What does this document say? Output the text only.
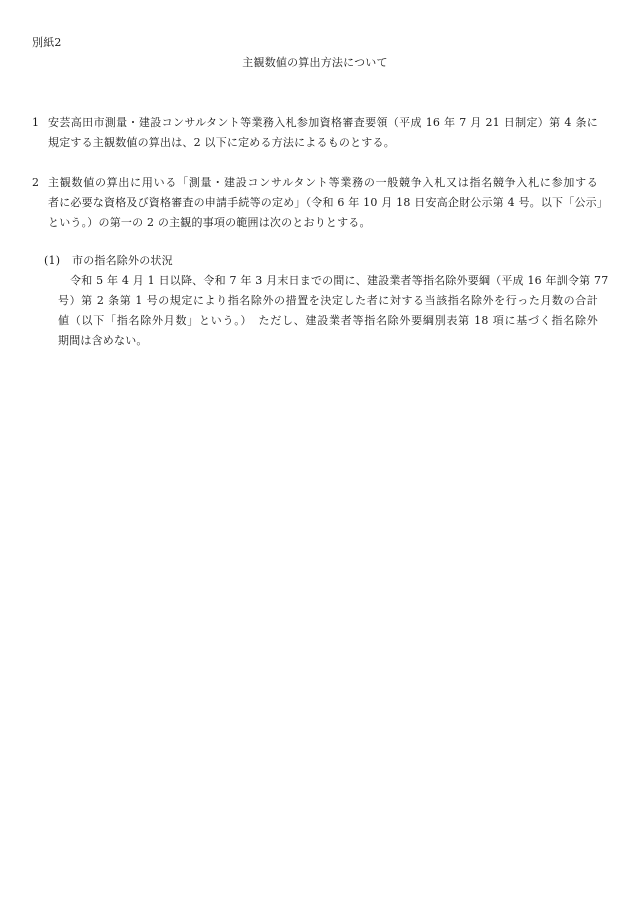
別紙2
主観数値の算出方法について
1 安芸高田市測量・建設コンサルタント等業務入札参加資格審査要領（平成 16 年 7 月 21 日制定）第 4 条に
規定する主観数値の算出は、2 以下に定める方法によるものとする。
2 主観数値の算出に用いる「測量・建設コンサルタント等業務の一般競争入札又は指名競争入札に参加する
者に必要な資格及び資格審査の申請手続等の定め」（令和 6 年 10 月 18 日安高企財公示第 4 号。以下「公示」
という。）の第一の 2 の主観的事項の範囲は次のとおりとする。
(1) 市の指名除外の状況
令和 5 年 4 月 1 日以降、令和 7 年 3 月末日までの間に、建設業者等指名除外要綱（平成 16 年訓令第 77
号）第 2 条第 1 号の規定により指名除外の措置を決定した者に対する当該指名除外を行った月数の合計
値（以下「指名除外月数」という。）　ただし、建設業者等指名除外要綱別表第 18 項に基づく指名除外
期間は含めない。
